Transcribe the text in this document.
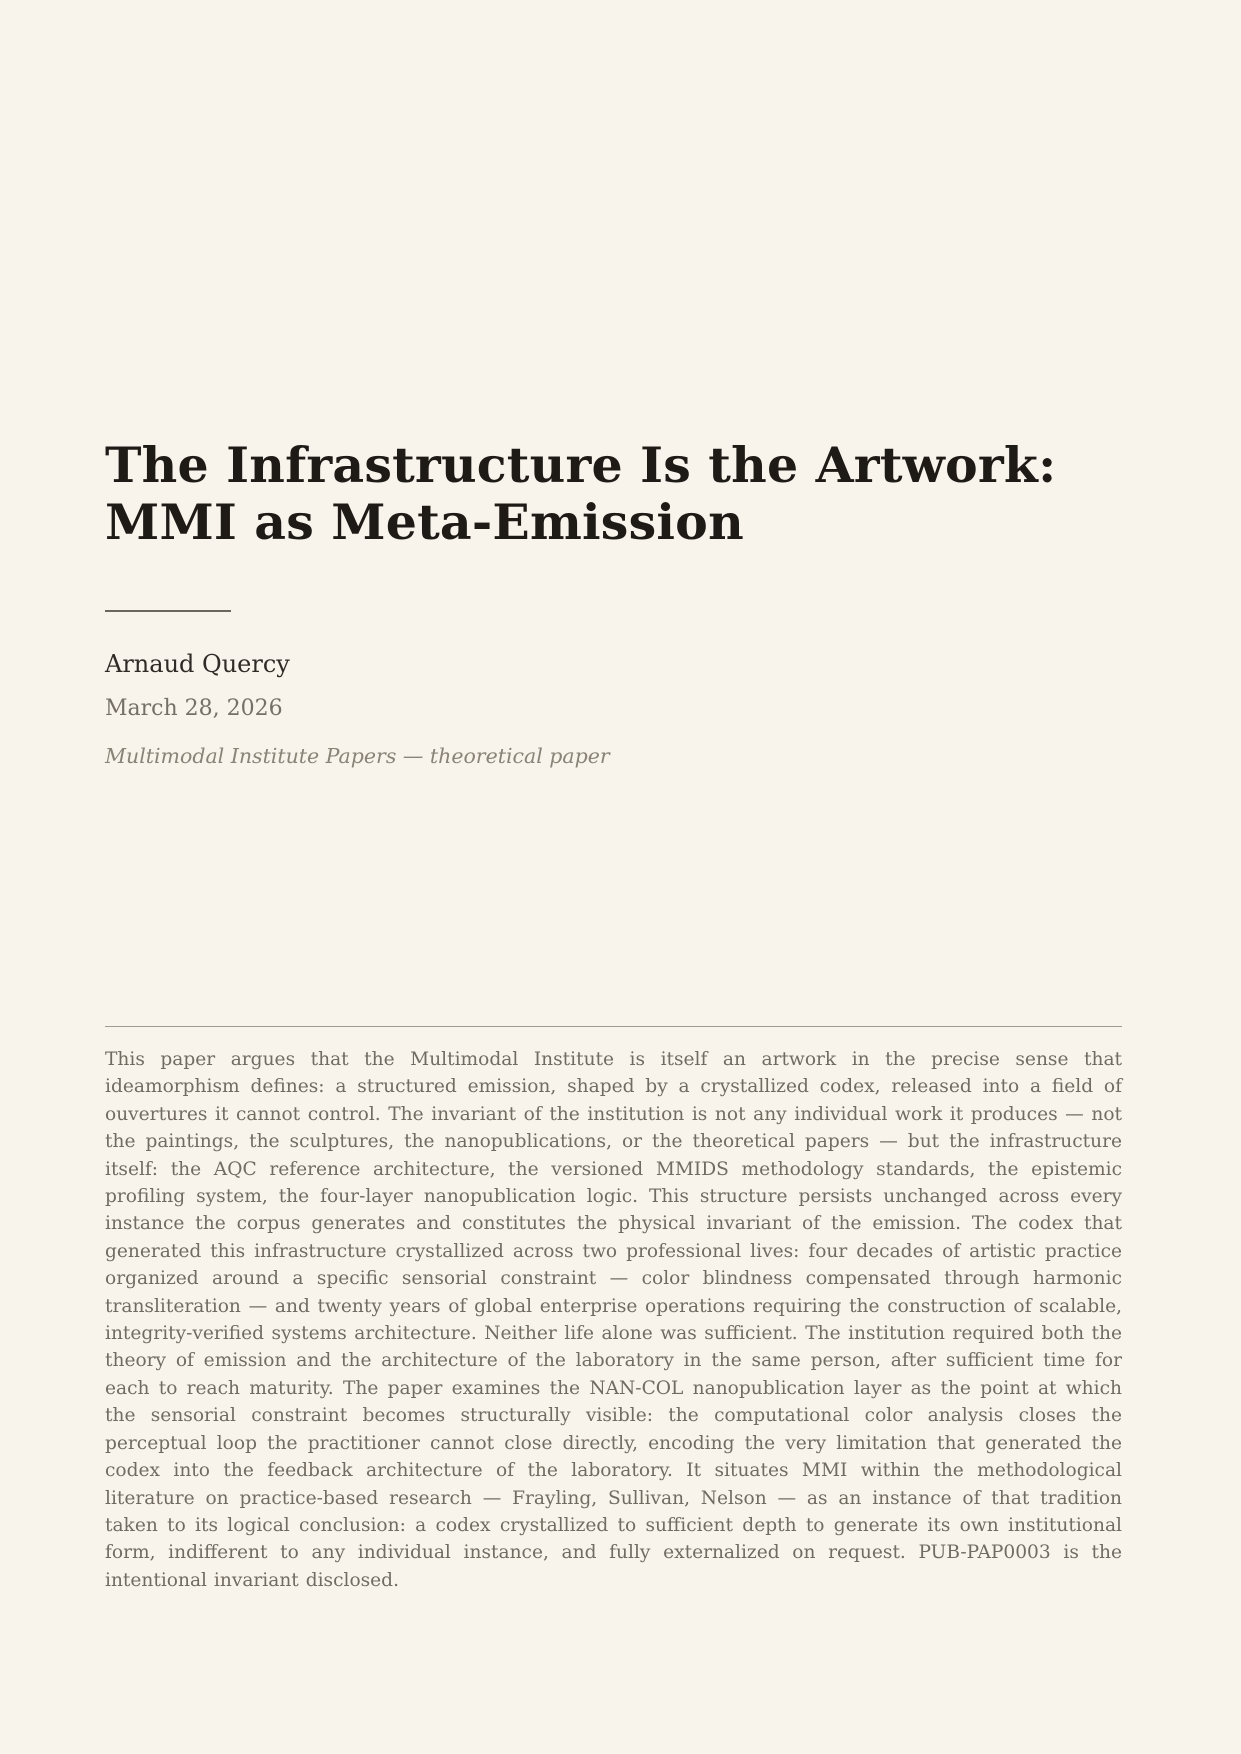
The Infrastructure Is the Artwork:
MMI as Meta-Emission
Arnaud Quercy
March 28, 2026
Multimodal Institute Papers — theoretical paper

This paper argues that the Multimodal Institute is itself an artwork in the precise sense that ideamorphism defines: a structured emission, shaped by a crystallized codex, released into a field of ouvertures it cannot control. The invariant of the institution is not any individual work it produces — not the paintings, the sculptures, the nanopublications, or the theoretical papers — but the infrastructure itself: the AQC reference architecture, the versioned MMIDS methodology standards, the epistemic profiling system, the four-layer nanopublication logic. This structure persists unchanged across every instance the corpus generates and constitutes the physical invariant of the emission. The codex that generated this infrastructure crystallized across two professional lives: four decades of artistic practice organized around a specific sensorial constraint — color blindness compensated through harmonic transliteration — and twenty years of global enterprise operations requiring the construction of scalable, integrity-verified systems architecture. Neither life alone was sufficient. The institution required both the theory of emission and the architecture of the laboratory in the same person, after sufficient time for each to reach maturity. The paper examines the NAN-COL nanopublication layer as the point at which the sensorial constraint becomes structurally visible: the computational color analysis closes the perceptual loop the practitioner cannot close directly, encoding the very limitation that generated the codex into the feedback architecture of the laboratory. It situates MMI within the methodological literature on practice-based research — Frayling, Sullivan, Nelson — as an instance of that tradition taken to its logical conclusion: a codex crystallized to sufficient depth to generate its own institutional form, indifferent to any individual instance, and fully externalized on request. PUB-PAP0003 is the intentional invariant disclosed.
